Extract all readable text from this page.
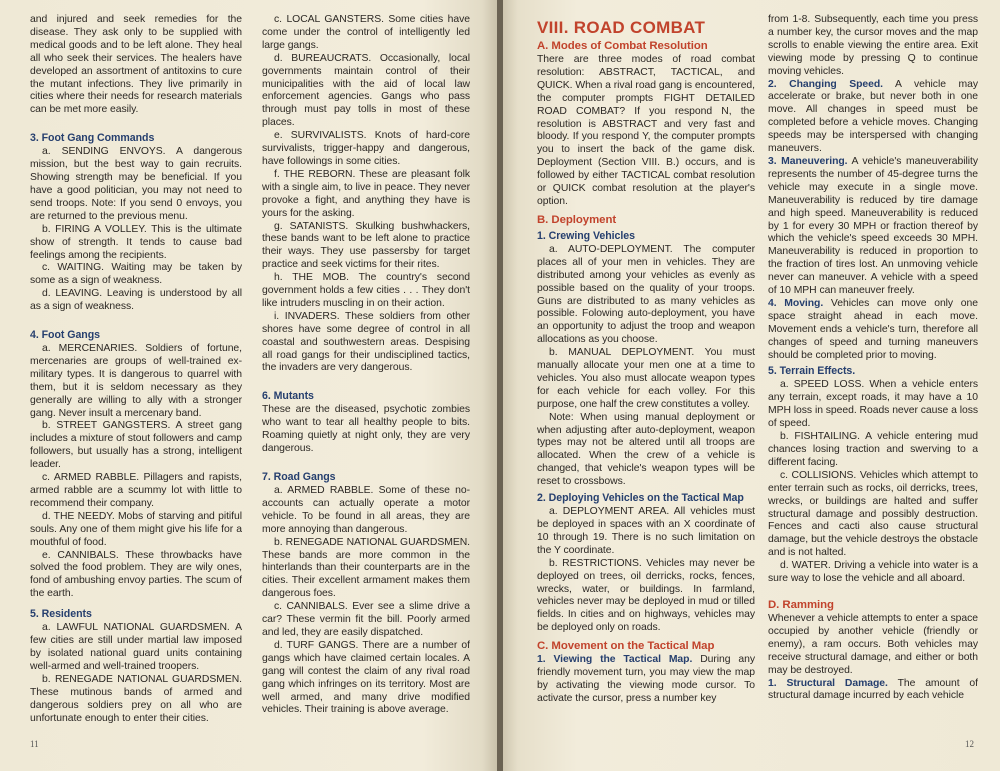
and injured and seek remedies for the disease. They ask only to be supplied with medical goods and to be left alone. They heal all who seek their services. The healers have developed an assortment of antitoxins to cure the mutant infections. They live primarily in cities where their needs for research materials can be met more easily.

3. Foot Gang Commands

a. SENDING ENVOYS. A dangerous mission, but the best way to gain recruits. Showing strength may be beneficial. If you have a good politician, you may not need to send troops. Note: If you send 0 envoys, you are returned to the previous menu.

b. FIRING A VOLLEY. This is the ultimate show of strength. It tends to cause bad feelings among the recipients.

c. WAITING. Waiting may be taken by some as a sign of weakness.

d. LEAVING. Leaving is understood by all as a sign of weakness.

4. Foot Gangs

a. MERCENARIES. Soldiers of fortune, mercenaries are groups of well-trained ex-military types. It is dangerous to quarrel with them, but it is seldom necessary as they generally are willing to ally with a stronger gang. Never insult a mercenary band.

b. STREET GANGSTERS. A street gang includes a mixture of stout followers and camp followers, but usually has a strong, intelligent leader.

c. ARMED RABBLE. Pillagers and rapists, armed rabble are a scummy lot with little to recommend their company.

d. THE NEEDY. Mobs of starving and pitiful souls. Any one of them might give his life for a mouthful of food.

e. CANNIBALS. These throwbacks have solved the food problem. They are wily ones, fond of ambushing envoy parties. The scum of the earth.

5. Residents

a. LAWFUL NATIONAL GUARDSMEN. A few cities are still under martial law imposed by isolated national guard units containing well-armed and well-trained troopers.

b. RENEGADE NATIONAL GUARDSMEN. These mutinous bands of armed and dangerous soldiers prey on all who are unfortunate enough to enter their cities.

c. LOCAL GANSTERS. Some cities have come under the control of intelligently led large gangs.

d. BUREAUCRATS. Occasionally, local governments maintain control of their municipalities with the aid of local law enforcement agencies. Gangs who pass through must pay tolls in most of these places.

e. SURVIVALISTS. Knots of hard-core survivalists, trigger-happy and dangerous, have followings in some cities.

f. THE REBORN. These are pleasant folk with a single aim, to live in peace. They never provoke a fight, and anything they have is yours for the asking.

g. SATANISTS. Skulking bushwhackers, these bands want to be left alone to practice their ways. They use passersby for target practice and seek victims for their rites.

h. THE MOB. The country's second government holds a few cities . . . They don't like intruders muscling in on their action.

i. INVADERS. These soldiers from other shores have some degree of control in all coastal and southwestern areas. Despising all road gangs for their undisciplined tactics, the invaders are very dangerous.

6. Mutants

These are the diseased, psychotic zombies who want to tear all healthy people to bits. Roaming quietly at night only, they are very dangerous.

7. Road Gangs

a. ARMED RABBLE. Some of these no-accounts can actually operate a motor vehicle. To be found in all areas, they are more annoying than dangerous.

b. RENEGADE NATIONAL GUARDSMEN. These bands are more common in the hinterlands than their counterparts are in the cities. Their excellent armament makes them dangerous foes.

c. CANNIBALS. Ever see a slime drive a car? These vermin fit the bill. Poorly armed and led, they are easily dispatched.

d. TURF GANGS. There are a number of gangs which have claimed certain locales. A gang will contest the claim of any rival road gang which infringes on its territory. Most are well armed, and many drive modified vehicles. Their training is above average.

11
VIII. ROAD COMBAT
A. Modes of Combat Resolution

There are three modes of road combat resolution: ABSTRACT, TACTICAL, and QUICK. When a rival road gang is encountered, the computer prompts FIGHT DETAILED ROAD COMBAT? If you respond N, the resolution is ABSTRACT and very fast and bloody. If you respond Y, the computer prompts you to insert the back of the game disk. Deployment (Section VIII. B.) occurs, and is followed by either TACTICAL combat resolution or QUICK combat resolution at the player's option.

B. Deployment
1. Crewing Vehicles

a. AUTO-DEPLOYMENT. The computer places all of your men in vehicles. They are distributed among your vehicles as evenly as possible based on the quality of your troops. Guns are distributed to as many vehicles as possible. Folowing auto-deployment, you have an opportunity to adjust the troop and weapon allocations as you choose.

b. MANUAL DEPLOYMENT. You must manually allocate your men one at a time to vehicles. You also must allocate weapon types for each vehicle for each volley. For this purpose, one half the crew constitutes a volley.

Note: When using manual deployment or when adjusting after auto-deployment, weapon types may not be altered until all troops are allocated. When the crew of a vehicle is changed, that vehicle's weapon types will be reset to crossbows.

2. Deploying Vehicles on the Tactical Map

a. DEPLOYMENT AREA. All vehicles must be deployed in spaces with an X coordinate of 10 through 19. There is no such limitation on the Y coordinate.

b. RESTRICTIONS. Vehicles may never be deployed on trees, oil derricks, rocks, fences, wrecks, water, or buildings. In farmland, vehicles never may be deployed in mud or tilled fields. In cities and on highways, vehicles may be deployed only on roads.

C. Movement on the Tactical Map

1. Viewing the Tactical Map. During any friendly movement turn, you may view the map by activating the viewing mode cursor. To activate the cursor, press a number key

from 1-8. Subsequently, each time you press a number key, the cursor moves and the map scrolls to enable viewing the entire area. Exit viewing mode by pressing Q to continue moving vehicles.

2. Changing Speed. A vehicle may accelerate or brake, but never both in one move. All changes in speed must be completed before a vehicle moves. Changing speeds may be interspersed with changing maneuvers.

3. Maneuvering. A vehicle's maneuverability represents the number of 45-degree turns the vehicle may execute in a single move. Maneuverability is reduced by tire damage and high speed. Maneuverability is reduced by 1 for every 30 MPH or fraction thereof by which the vehicle's speed exceeds 30 MPH. Maneuverability is reduced in proportion to the fraction of tires lost. An unmoving vehicle never can maneuver. A vehicle with a speed of 10 MPH can maneuver freely.

4. Moving. Vehicles can move only one space straight ahead in each move. Movement ends a vehicle's turn, therefore all changes of speed and turning maneuvers should be completed prior to moving.

5. Terrain Effects.

a. SPEED LOSS. When a vehicle enters any terrain, except roads, it may have a 10 MPH loss in speed. Roads never cause a loss of speed.

b. FISHTAILING. A vehicle entering mud chances losing traction and swerving to a different facing.

c. COLLISIONS. Vehicles which attempt to enter terrain such as rocks, oil derricks, trees, wrecks, or buildings are halted and suffer structural damage and possibly destruction. Fences and cacti also cause structural damage, but the vehicle destroys the obstacle and is not halted.

d. WATER. Driving a vehicle into water is a sure way to lose the vehicle and all aboard.

D. Ramming

Whenever a vehicle attempts to enter a space occupied by another vehicle (friendly or enemy), a ram occurs. Both vehicles may receive structural damage, and either or both may be destroyed.

1. Structural Damage. The amount of structural damage incurred by each vehicle

12
